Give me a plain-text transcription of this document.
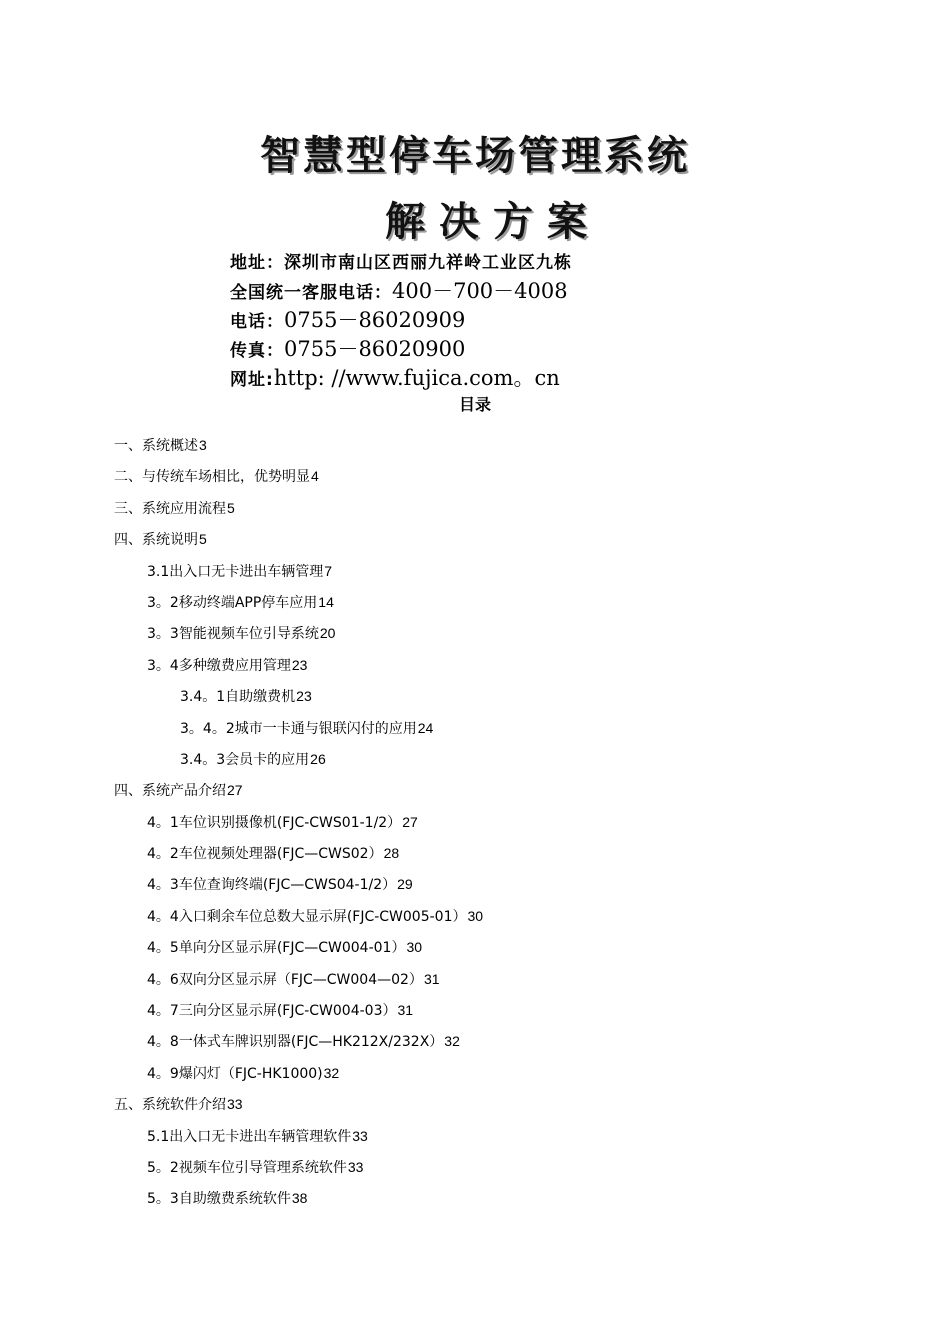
智慧型停车场管理系统
解决方案
地址：深圳市南山区西丽九祥岭工业区九栋
全国统一客服电话：400－700－4008
电话：0755－86020909
传真：0755－86020900
网址:http: //www.fujica.com。cn
目录
一、系统概述3
二、与传统车场相比，优势明显4
三、系统应用流程5
四、系统说明5
3.1出入口无卡进出车辆管理7
3。2移动终端APP停车应用14
3。3智能视频车位引导系统20
3。4多种缴费应用管理23
3.4。1自助缴费机23
3。4。2城市一卡通与银联闪付的应用24
3.4。3会员卡的应用26
四、系统产品介绍27
4。1车位识别摄像机(FJC-CWS01-1/2）27
4。2车位视频处理器(FJC—CWS02）28
4。3车位查询终端(FJC—CWS04-1/2）29
4。4入口剩余车位总数大显示屏(FJC-CW005-01）30
4。5单向分区显示屏(FJC—CW004-01）30
4。6双向分区显示屏（FJC—CW004—02）31
4。7三向分区显示屏(FJC-CW004-03）31
4。8一体式车牌识别器(FJC—HK212X/232X）32
4。9爆闪灯（FJC-HK1000)32
五、系统软件介绍33
5.1出入口无卡进出车辆管理软件33
5。2视频车位引导管理系统软件33
5。3自助缴费系统软件38
